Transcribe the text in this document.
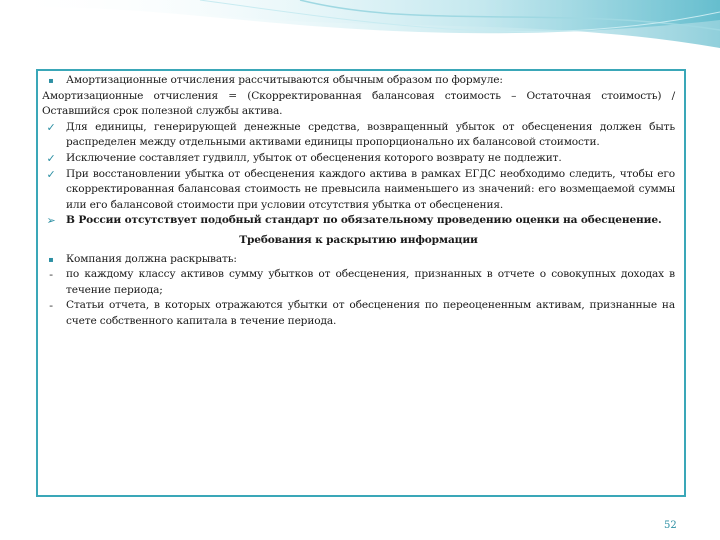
▪	Амортизационные отчисления рассчитываются обычным образом по формуле:
Амортизационные отчисления = (Скорректированная балансовая стоимость – Остаточная стоимость) / Оставшийся срок полезной службы актива.
✓ Для единицы, генерирующей денежные средства, возвращенный убыток от обесценения должен быть распределен между отдельными активами единицы пропорционально их балансовой стоимости.
✓ Исключение составляет гудвилл, убыток от обесценения которого возврату не подлежит.
✓ При восстановлении убытка от обесценения каждого актива в рамках ЕГДС необходимо следить, чтобы его скорректированная балансовая стоимость не превысила наименьшего из значений: его возмещаемой суммы или его балансовой стоимости при условии отсутствия убытка от обесценения.
➢ В России отсутствует подобный стандарт по обязательному проведению оценки на обесценение.
Требования к раскрытию информации
▪	Компания должна раскрывать:
-	по каждому классу активов сумму убытков от обесценения, признанных в отчете о совокупных доходах в течение периода;
-	Статьи отчета, в которых отражаются убытки от обесценения по переоцененным активам, признанные на счете собственного капитала в течение периода.
52
